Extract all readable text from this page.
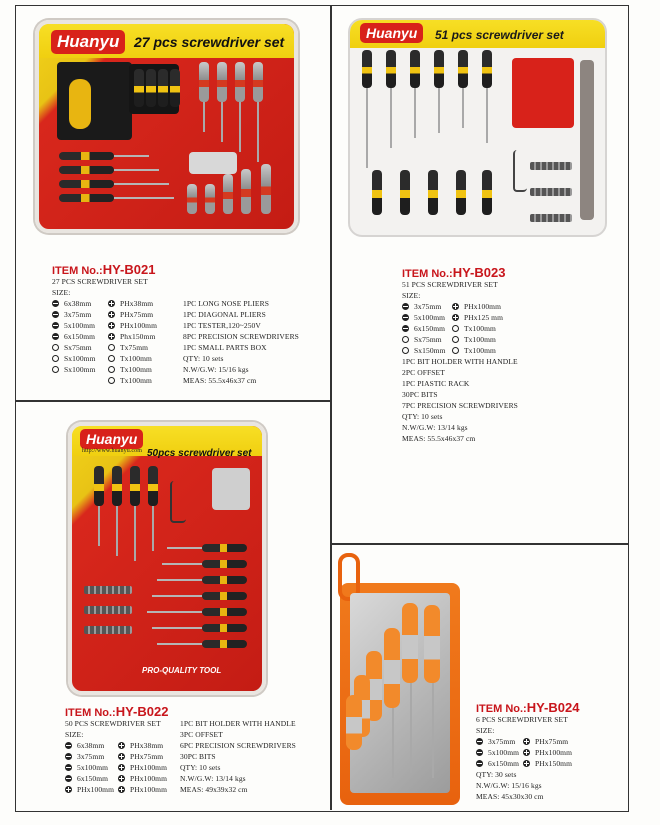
Huanyu	27 pcs screwdriver set
ITEM No.:HY-B021
27 PCS SCREWDRIVER SET
SIZE:
6x38mm
3x75mm
5x100mm
6x150mm
Sx75mm
Sx100mm
Sx100mm
PHx38mm
PHx75mm
PHx100mm
Phx150mm
Tx75mm
Tx100mm
Tx100mm
Tx100mm
1PC LONG NOSE PLIERS
1PC DIAGONAL PLIERS
1PC TESTER,120~250V
8PC PRECISION SCREWDRIVERS
1PC SMALL PARTS BOX
QTY: 10 sets
N.W/G.W: 15/16 kgs
MEAS: 55.5x46x37 cm
Huanyu	51 pcs screwdriver set
ITEM No.:HY-B023
51 PCS SCREWDRIVER SET
SIZE:
3x75mm
5x100mm
6x150mm
Sx75mm
Sx150mm
PHx100mm
PHx125 mm
Tx100mm
Tx100mm
Tx100mm
1PC BIT HOLDER WITH HANDLE
2PC OFFSET
1PC PIASTIC RACK
30PC BITS
7PC PRECISION SCREWDRIVERS
QTY: 10 sets
N.W/G.W: 13/14 kgs
MEAS: 55.5x46x37 cm
Huanyu
http://www.huanyu.com 50pcs screwdriver set
PRO-QUALITY TOOL
ITEM No.:HY-B022
50 PCS SCREWDRIVER SET
SIZE:
6x38mm
3x75mm
5x100mm
6x150mm
PHx100mm
PHx38mm
PHx75mm
PHx100mm
PHx100mm
PHx100mm
1PC BIT HOLDER WITH HANDLE
3PC OFFSET
6PC PRECISION SCREWDRIVERS
30PC BITS
QTY: 10 sets
N.W/G.W: 13/14 kgs
MEAS: 49x39x32 cm
ITEM No.:HY-B024
6 PCS SCREWDRIVER SET
SIZE:
3x75mm
5x100mm
6x150mm
PHx75mm
PHx100mm
PHx150mm
QTY: 30 sets
N.W/G.W: 15/16 kgs
MEAS: 45x30x30 cm
